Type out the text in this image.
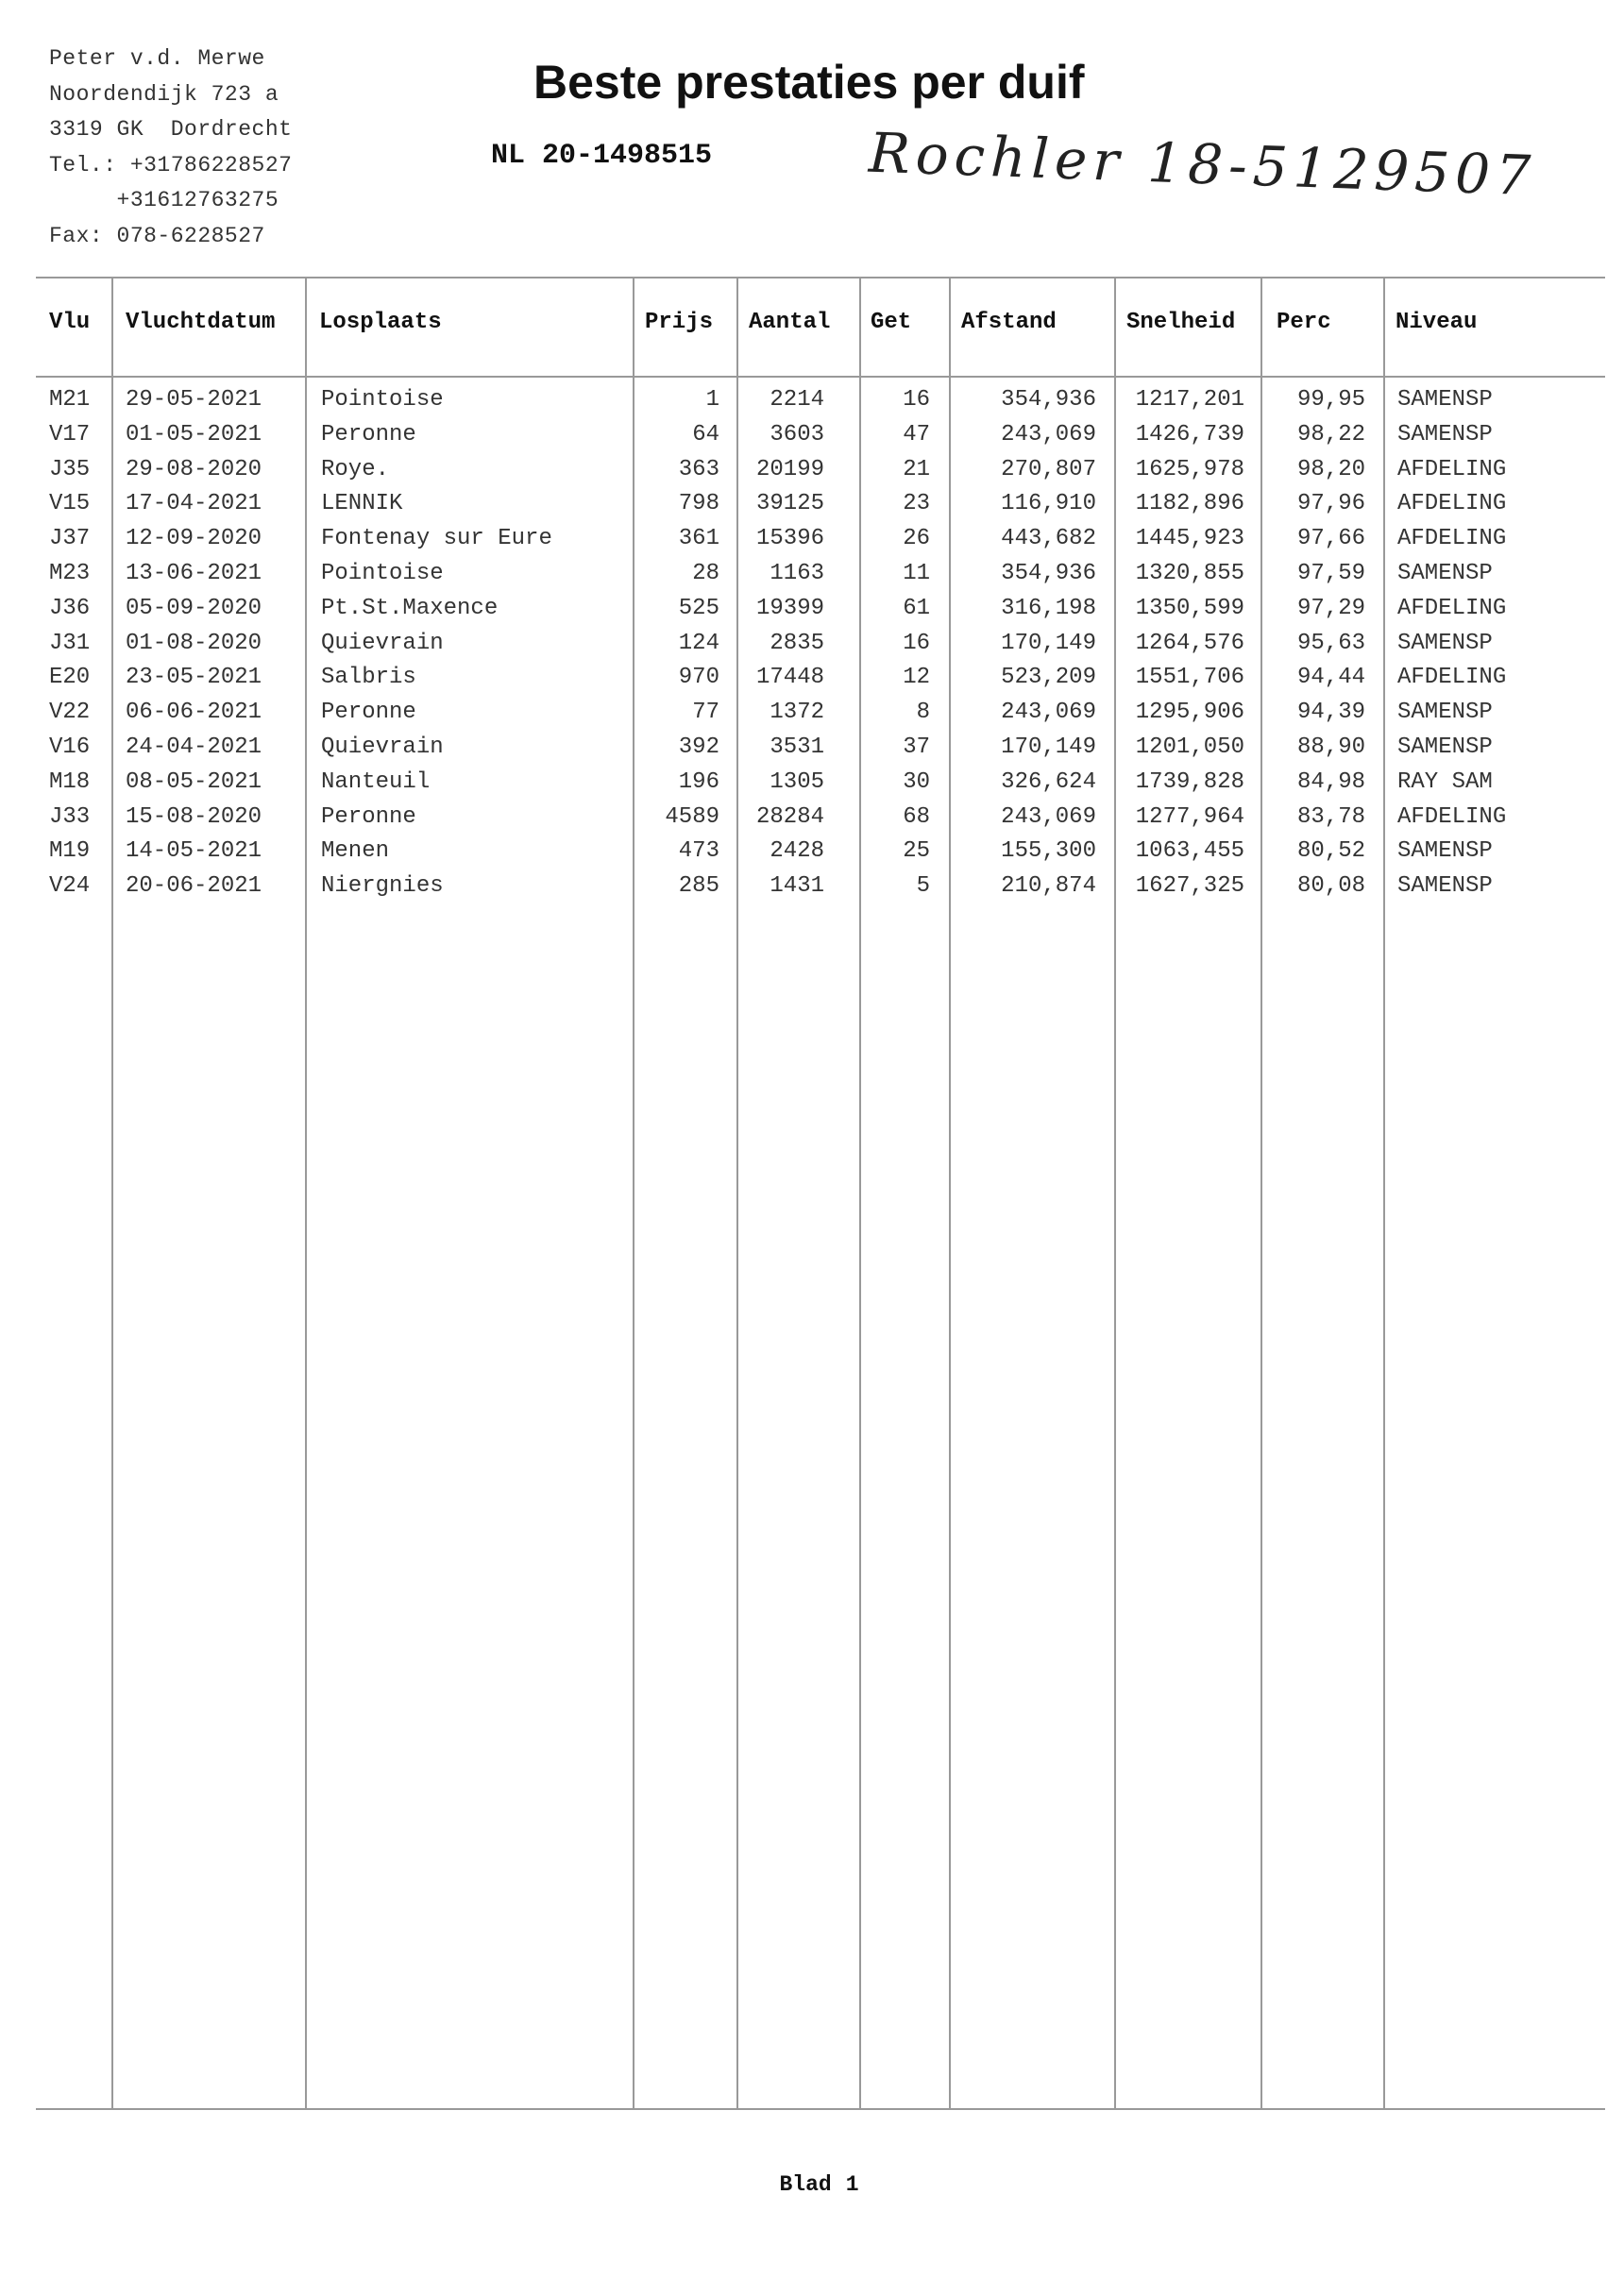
Peter v.d. Merwe
Noordendijk 723 a
3319 GK  Dordrecht
Tel.: +31786228527
+31612763275
Fax: 078-6228527
Beste prestaties per duif
NL 20-1498515	Rochler 18-5129507
Vlu Vluchtdatum Losplaats	Prijs Aantal Get Afstand	Snelheid Perc	Niveau
M21 29-05-2021	Pointoise	1 2214	16	354,936 1217,201 99,95 SAMENSP
V17 01-05-2021	Peronne	64 3603	47	243,069 1426,739 98,22 SAMENSP
J35 29-08-2020	Roye.	363 20199	21	270,807 1625,978 98,20 AFDELING
V15 17-04-2021	LENNIK	798 39125	23	116,910 1182,896 97,96 AFDELING
J37 12-09-2020	Fontenay sur Eure	361 15396	26	443,682 1445,923 97,66 AFDELING
M23 13-06-2021	Pointoise	28 1163	11	354,936 1320,855 97,59 SAMENSP
J36 05-09-2020	Pt.St.Maxence	525 19399	61	316,198 1350,599 97,29 AFDELING
J31 01-08-2020	Quievrain	124 2835	16	170,149 1264,576 95,63 SAMENSP
E20 23-05-2021	Salbris	970 17448	12	523,209 1551,706 94,44 AFDELING
V22 06-06-2021	Peronne	77 1372	8	243,069 1295,906 94,39 SAMENSP
V16 24-04-2021	Quievrain	392 3531	37	170,149 1201,050 88,90 SAMENSP
M18 08-05-2021	Nanteuil	196 1305	30	326,624 1739,828 84,98 RAY SAM
J33 15-08-2020	Peronne	4589 28284	68	243,069 1277,964 83,78 AFDELING
M19 14-05-2021	Menen	473 2428	25	155,300 1063,455 80,52 SAMENSP
V24 20-06-2021	Niergnies	285 1431	5	210,874 1627,325 80,08 SAMENSP
Blad 1
